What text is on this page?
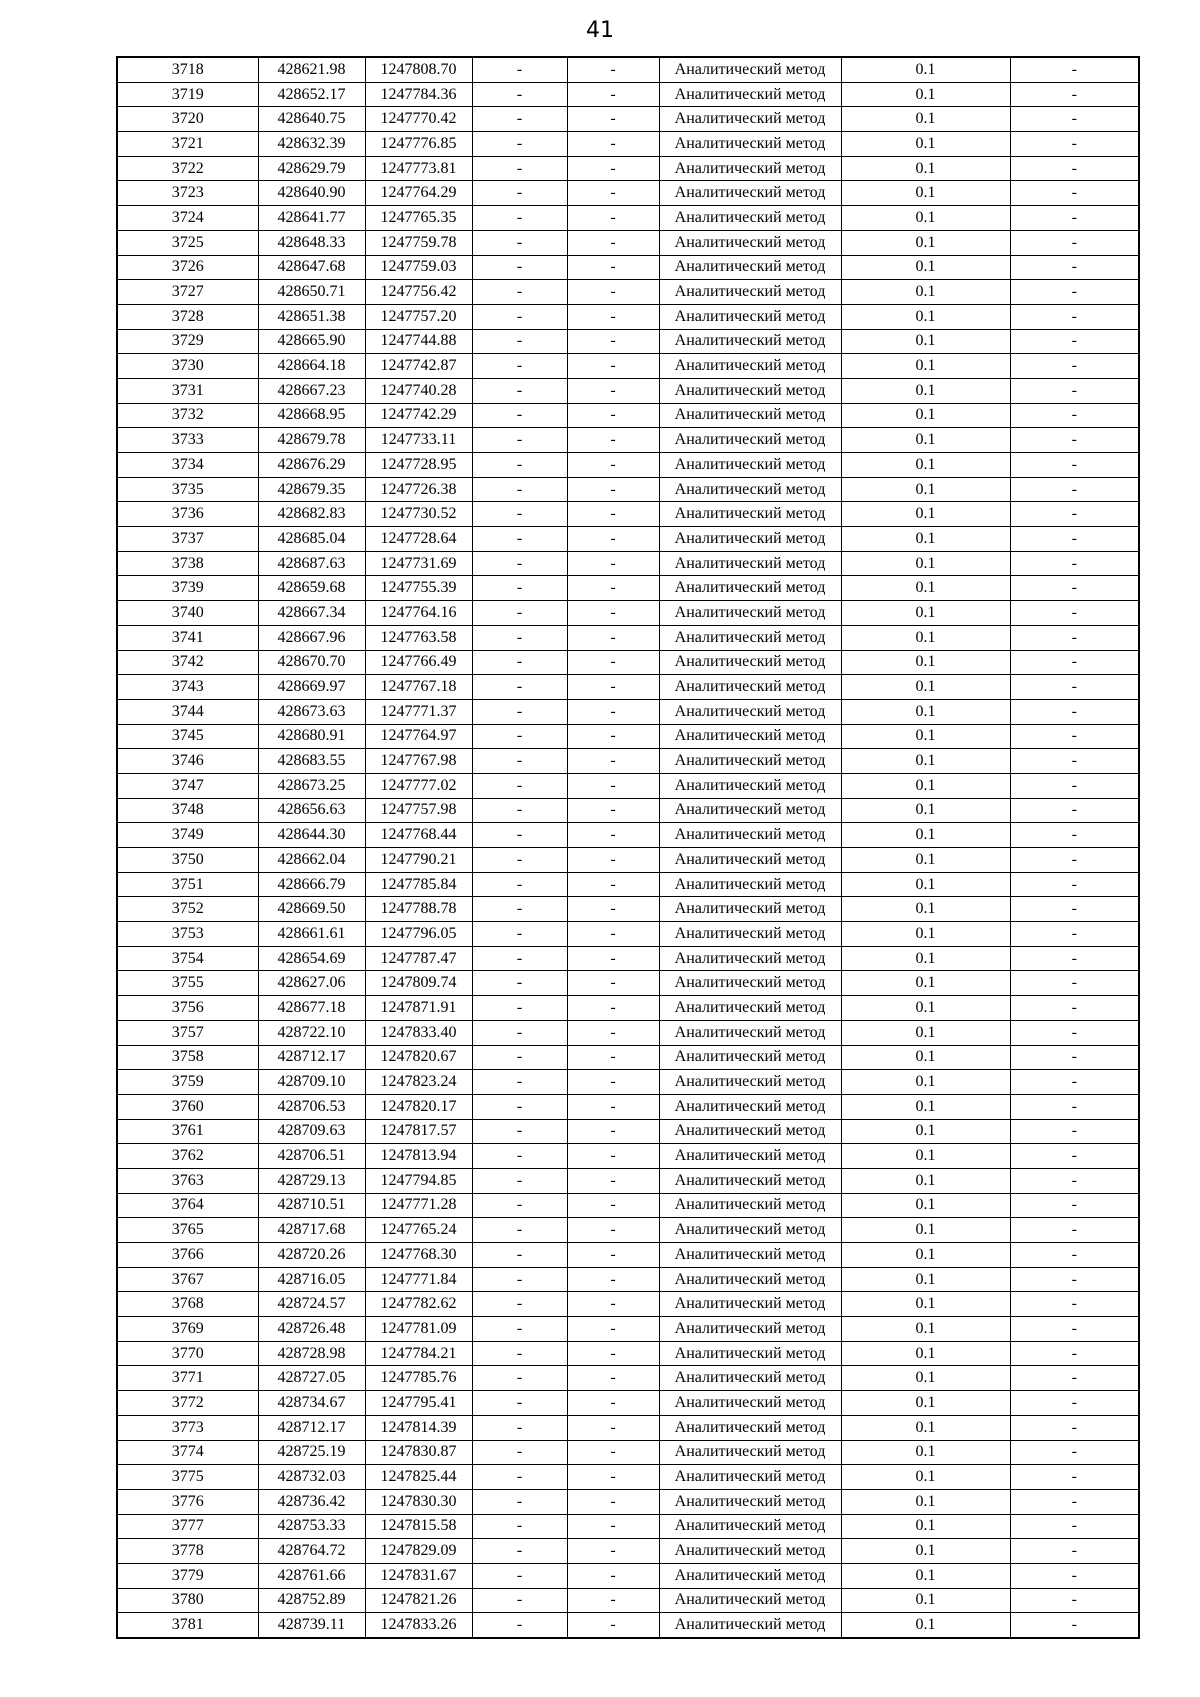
41
3718	428621.98	1247808.70	-	-	Аналитический метод	0.1	-
3719	428652.17	1247784.36	-	-	Аналитический метод	0.1	-
3720	428640.75	1247770.42	-	-	Аналитический метод	0.1	-
3721	428632.39	1247776.85	-	-	Аналитический метод	0.1	-
3722	428629.79	1247773.81	-	-	Аналитический метод	0.1	-
3723	428640.90	1247764.29	-	-	Аналитический метод	0.1	-
3724	428641.77	1247765.35	-	-	Аналитический метод	0.1	-
3725	428648.33	1247759.78	-	-	Аналитический метод	0.1	-
3726	428647.68	1247759.03	-	-	Аналитический метод	0.1	-
3727	428650.71	1247756.42	-	-	Аналитический метод	0.1	-
3728	428651.38	1247757.20	-	-	Аналитический метод	0.1	-
3729	428665.90	1247744.88	-	-	Аналитический метод	0.1	-
3730	428664.18	1247742.87	-	-	Аналитический метод	0.1	-
3731	428667.23	1247740.28	-	-	Аналитический метод	0.1	-
3732	428668.95	1247742.29	-	-	Аналитический метод	0.1	-
3733	428679.78	1247733.11	-	-	Аналитический метод	0.1	-
3734	428676.29	1247728.95	-	-	Аналитический метод	0.1	-
3735	428679.35	1247726.38	-	-	Аналитический метод	0.1	-
3736	428682.83	1247730.52	-	-	Аналитический метод	0.1	-
3737	428685.04	1247728.64	-	-	Аналитический метод	0.1	-
3738	428687.63	1247731.69	-	-	Аналитический метод	0.1	-
3739	428659.68	1247755.39	-	-	Аналитический метод	0.1	-
3740	428667.34	1247764.16	-	-	Аналитический метод	0.1	-
3741	428667.96	1247763.58	-	-	Аналитический метод	0.1	-
3742	428670.70	1247766.49	-	-	Аналитический метод	0.1	-
3743	428669.97	1247767.18	-	-	Аналитический метод	0.1	-
3744	428673.63	1247771.37	-	-	Аналитический метод	0.1	-
3745	428680.91	1247764.97	-	-	Аналитический метод	0.1	-
3746	428683.55	1247767.98	-	-	Аналитический метод	0.1	-
3747	428673.25	1247777.02	-	-	Аналитический метод	0.1	-
3748	428656.63	1247757.98	-	-	Аналитический метод	0.1	-
3749	428644.30	1247768.44	-	-	Аналитический метод	0.1	-
3750	428662.04	1247790.21	-	-	Аналитический метод	0.1	-
3751	428666.79	1247785.84	-	-	Аналитический метод	0.1	-
3752	428669.50	1247788.78	-	-	Аналитический метод	0.1	-
3753	428661.61	1247796.05	-	-	Аналитический метод	0.1	-
3754	428654.69	1247787.47	-	-	Аналитический метод	0.1	-
3755	428627.06	1247809.74	-	-	Аналитический метод	0.1	-
3756	428677.18	1247871.91	-	-	Аналитический метод	0.1	-
3757	428722.10	1247833.40	-	-	Аналитический метод	0.1	-
3758	428712.17	1247820.67	-	-	Аналитический метод	0.1	-
3759	428709.10	1247823.24	-	-	Аналитический метод	0.1	-
3760	428706.53	1247820.17	-	-	Аналитический метод	0.1	-
3761	428709.63	1247817.57	-	-	Аналитический метод	0.1	-
3762	428706.51	1247813.94	-	-	Аналитический метод	0.1	-
3763	428729.13	1247794.85	-	-	Аналитический метод	0.1	-
3764	428710.51	1247771.28	-	-	Аналитический метод	0.1	-
3765	428717.68	1247765.24	-	-	Аналитический метод	0.1	-
3766	428720.26	1247768.30	-	-	Аналитический метод	0.1	-
3767	428716.05	1247771.84	-	-	Аналитический метод	0.1	-
3768	428724.57	1247782.62	-	-	Аналитический метод	0.1	-
3769	428726.48	1247781.09	-	-	Аналитический метод	0.1	-
3770	428728.98	1247784.21	-	-	Аналитический метод	0.1	-
3771	428727.05	1247785.76	-	-	Аналитический метод	0.1	-
3772	428734.67	1247795.41	-	-	Аналитический метод	0.1	-
3773	428712.17	1247814.39	-	-	Аналитический метод	0.1	-
3774	428725.19	1247830.87	-	-	Аналитический метод	0.1	-
3775	428732.03	1247825.44	-	-	Аналитический метод	0.1	-
3776	428736.42	1247830.30	-	-	Аналитический метод	0.1	-
3777	428753.33	1247815.58	-	-	Аналитический метод	0.1	-
3778	428764.72	1247829.09	-	-	Аналитический метод	0.1	-
3779	428761.66	1247831.67	-	-	Аналитический метод	0.1	-
3780	428752.89	1247821.26	-	-	Аналитический метод	0.1	-
3781	428739.11	1247833.26	-	-	Аналитический метод	0.1	-
